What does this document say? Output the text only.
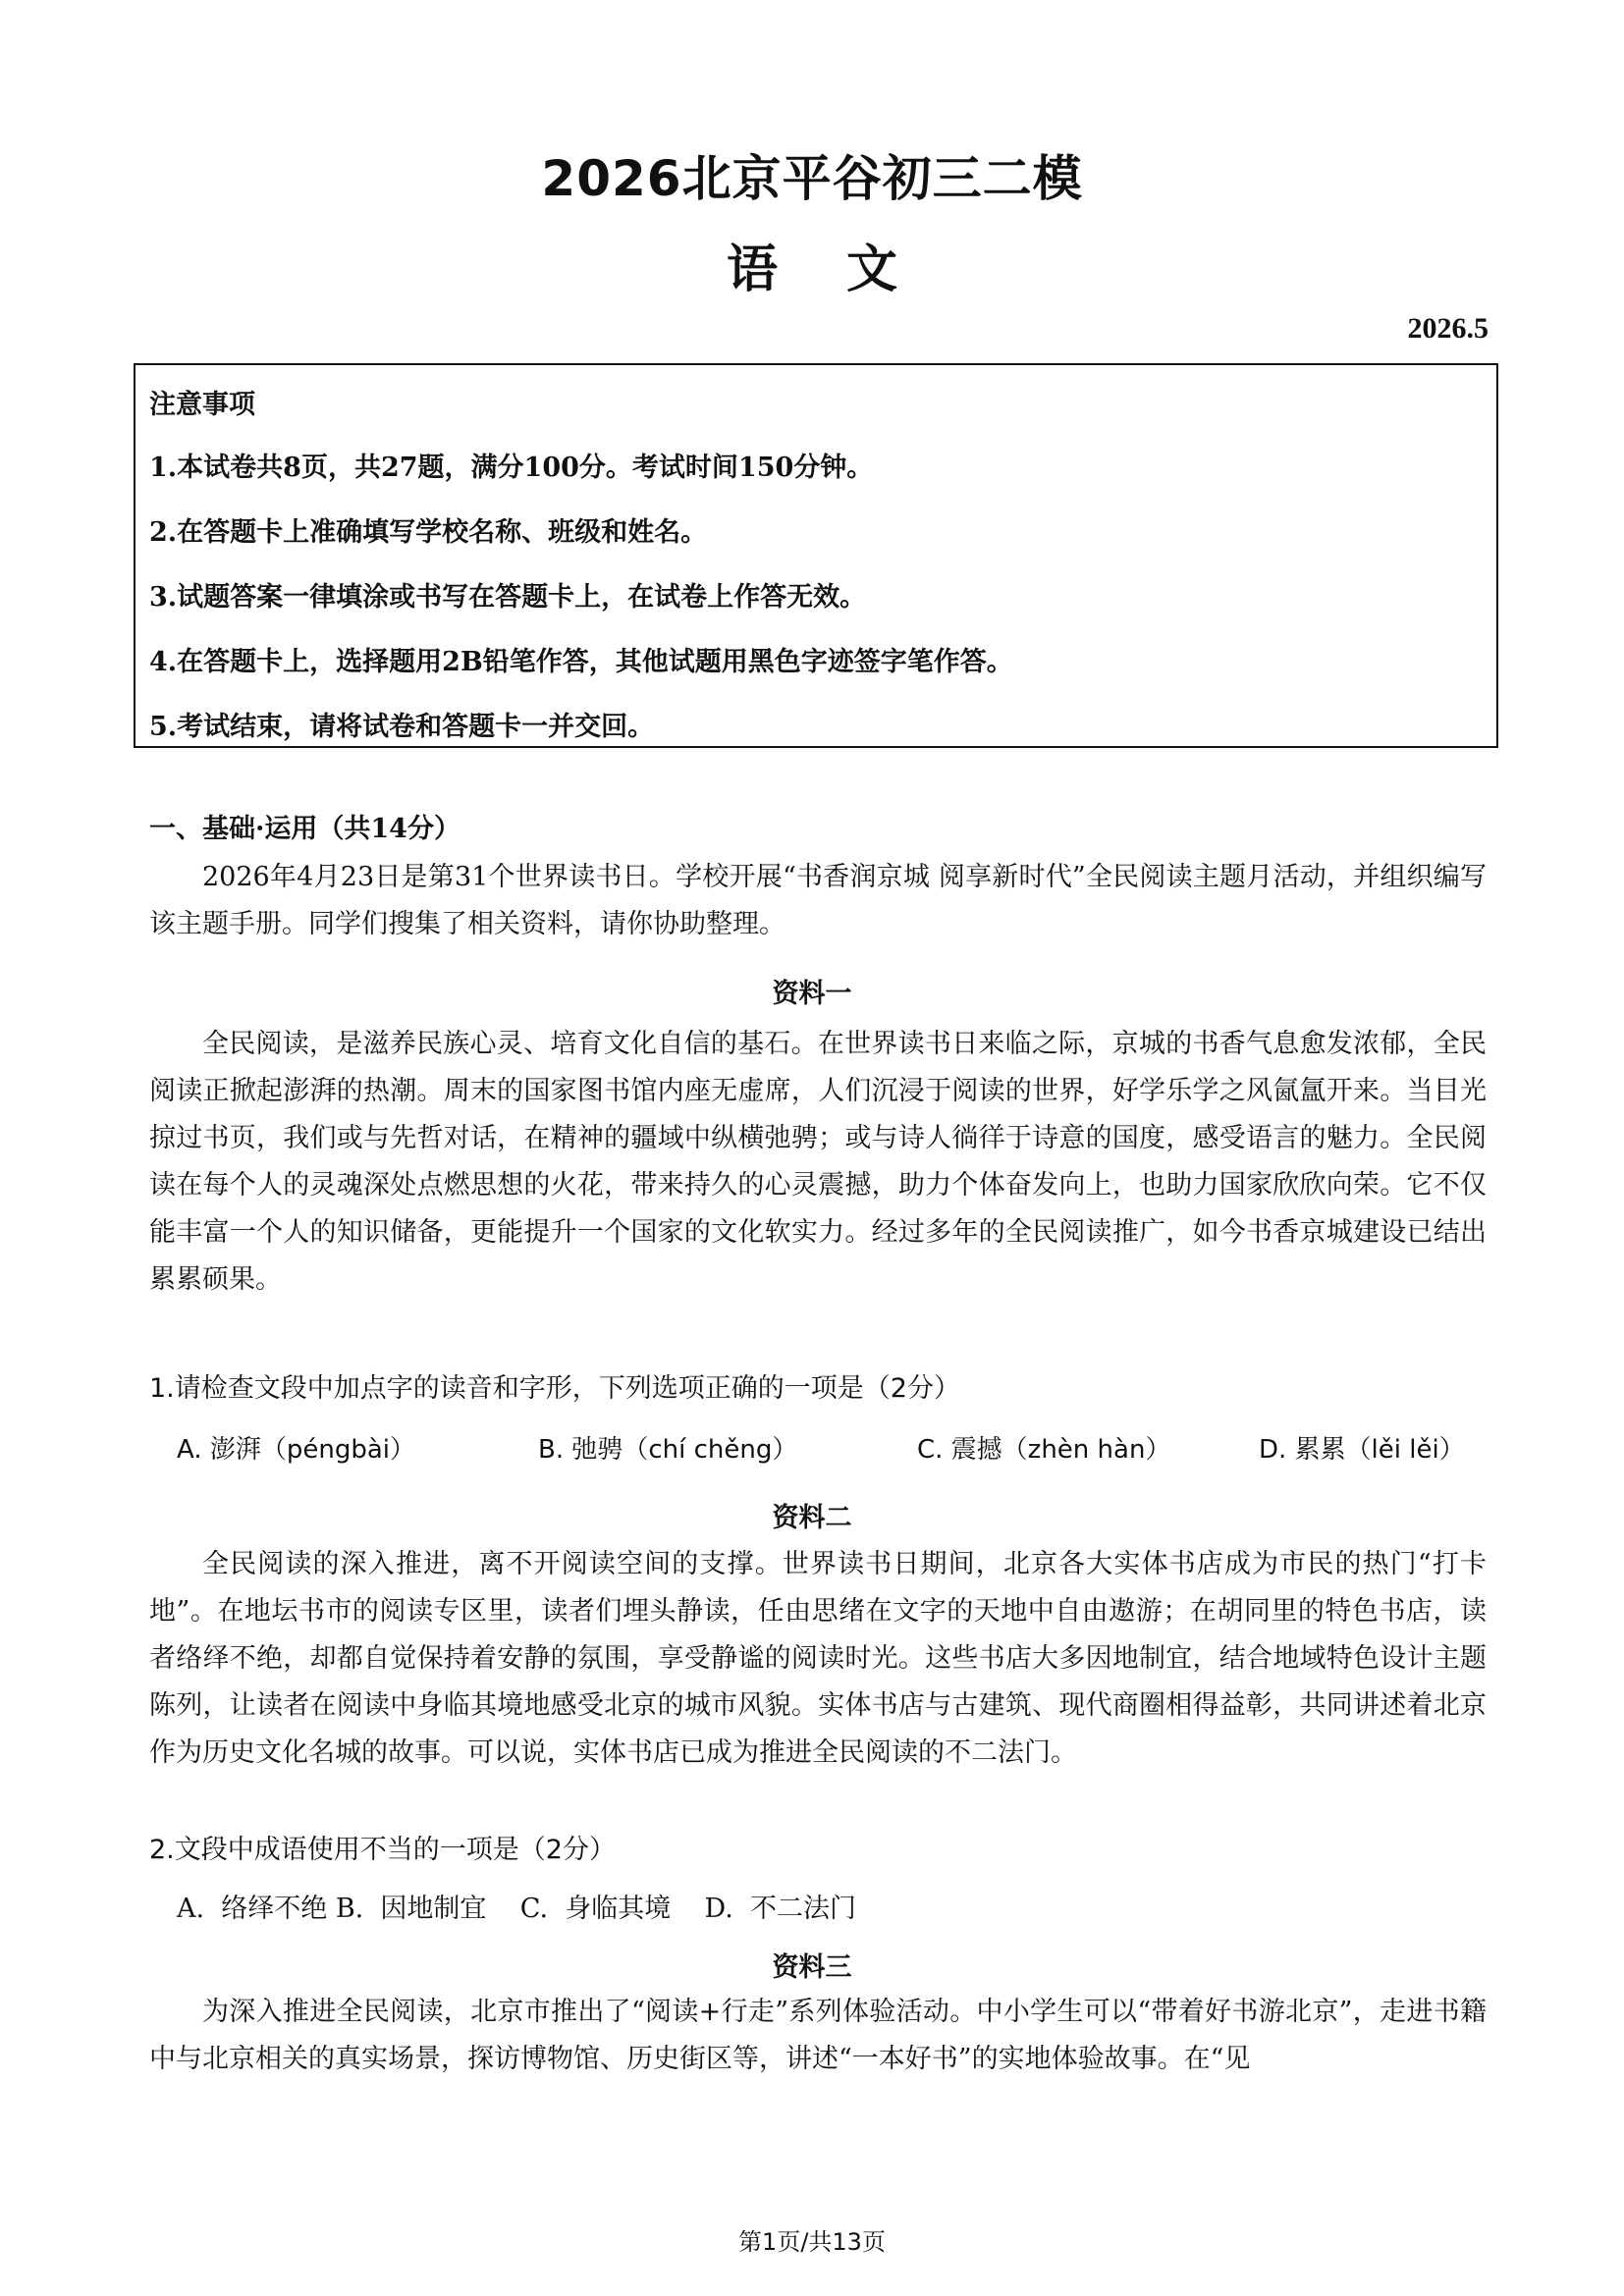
2026北京平谷初三二模
语文
2026.5
注意事项
1.本试卷共8页，共27题，满分100分。考试时间150分钟。
2.在答题卡上准确填写学校名称、班级和姓名。
3.试题答案一律填涂或书写在答题卡上，在试卷上作答无效。
4.在答题卡上，选择题用2B铅笔作答，其他试题用黑色字迹签字笔作答。
5.考试结束，请将试卷和答题卡一并交回。
一、基础·运用（共14分）
2026年4月23日是第31个世界读书日。学校开展“书香润京城 阅享新时代”全民阅读主题月活动，并组织编写该主题手册。同学们搜集了相关资料，请你协助整理。
资料一
全民阅读，是滋养民族心灵、培育文化自信的基石。在世界读书日来临之际，京城的书香气息愈发浓郁，全民阅读正掀起澎湃的热潮。周末的国家图书馆内座无虚席，人们沉浸于阅读的世界，好学乐学之风氤氲开来。当目光掠过书页，我们或与先哲对话，在精神的疆域中纵横弛骋；或与诗人徜徉于诗意的国度，感受语言的魅力。全民阅读在每个人的灵魂深处点燃思想的火花，带来持久的心灵震撼，助力个体奋发向上，也助力国家欣欣向荣。它不仅能丰富一个人的知识储备，更能提升一个国家的文化软实力。经过多年的全民阅读推广，如今书香京城建设已结出累累硕果。
1.请检查文段中加点字的读音和字形，下列选项正确的一项是（2分）
A. 澎湃（péngbài）	B. 弛骋（chí chěng）	C. 震撼（zhèn hàn）	D. 累累（lěi lěi）
资料二
全民阅读的深入推进，离不开阅读空间的支撑。世界读书日期间，北京各大实体书店成为市民的热门“打卡地”。在地坛书市的阅读专区里，读者们埋头静读，任由思绪在文字的天地中自由遨游；在胡同里的特色书店，读者络绎不绝，却都自觉保持着安静的氛围，享受静谧的阅读时光。这些书店大多因地制宜，结合地域特色设计主题陈列，让读者在阅读中身临其境地感受北京的城市风貌。实体书店与古建筑、现代商圈相得益彰，共同讲述着北京作为历史文化名城的故事。可以说，实体书店已成为推进全民阅读的不二法门。
2.文段中成语使用不当的一项是（2分）
A.  络绎不绝 B.  因地制宜    C.  身临其境    D.  不二法门
资料三
为深入推进全民阅读，北京市推出了“阅读+行走”系列体验活动。中小学生可以“带着好书游北京”，走进书籍中与北京相关的真实场景，探访博物馆、历史街区等，讲述“一本好书”的实地体验故事。在“见
第1页/共13页
